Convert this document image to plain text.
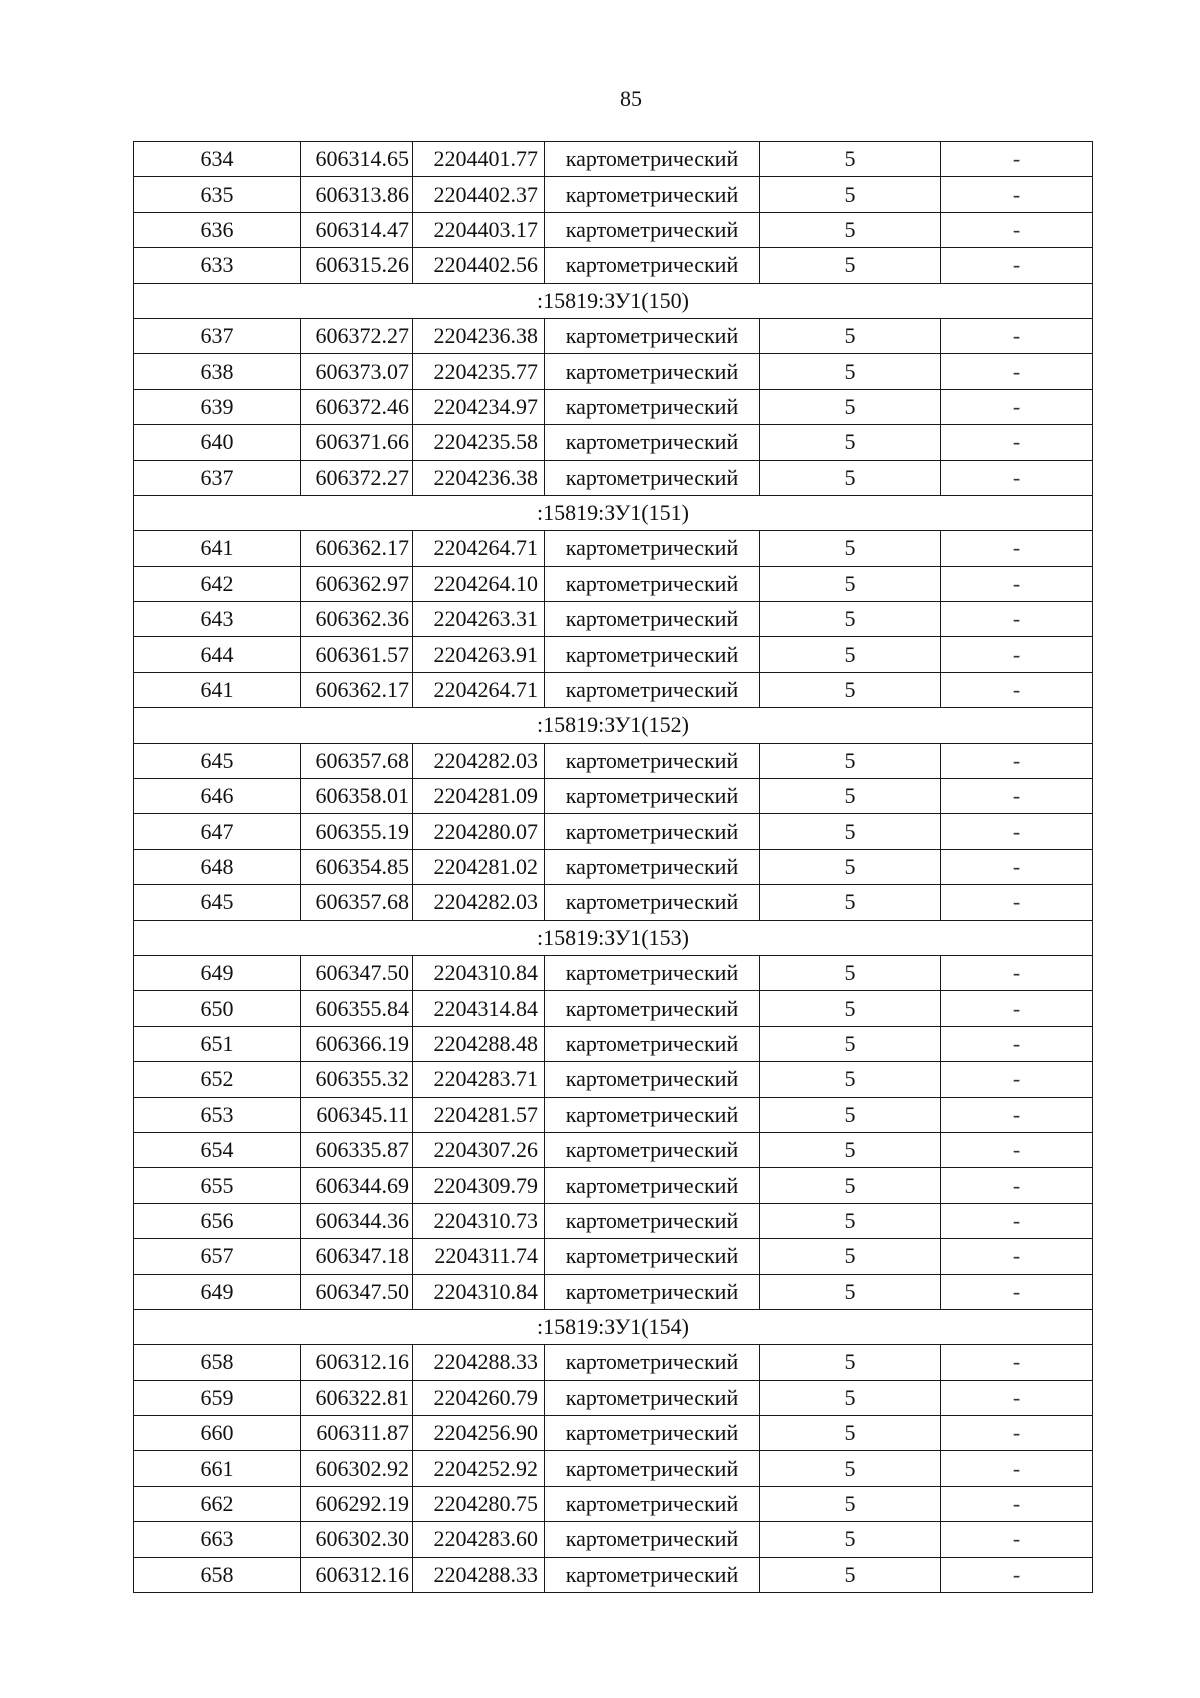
85
634	606314.65	2204401.77	картометрический	5	-
635	606313.86	2204402.37	картометрический	5	-
636	606314.47	2204403.17	картометрический	5	-
633	606315.26	2204402.56	картометрический	5	-
:15819:ЗУ1(150)					
637	606372.27	2204236.38	картометрический	5	-
638	606373.07	2204235.77	картометрический	5	-
639	606372.46	2204234.97	картометрический	5	-
640	606371.66	2204235.58	картометрический	5	-
637	606372.27	2204236.38	картометрический	5	-
:15819:ЗУ1(151)					
641	606362.17	2204264.71	картометрический	5	-
642	606362.97	2204264.10	картометрический	5	-
643	606362.36	2204263.31	картометрический	5	-
644	606361.57	2204263.91	картометрический	5	-
641	606362.17	2204264.71	картометрический	5	-
:15819:ЗУ1(152)					
645	606357.68	2204282.03	картометрический	5	-
646	606358.01	2204281.09	картометрический	5	-
647	606355.19	2204280.07	картометрический	5	-
648	606354.85	2204281.02	картометрический	5	-
645	606357.68	2204282.03	картометрический	5	-
:15819:ЗУ1(153)					
649	606347.50	2204310.84	картометрический	5	-
650	606355.84	2204314.84	картометрический	5	-
651	606366.19	2204288.48	картометрический	5	-
652	606355.32	2204283.71	картометрический	5	-
653	606345.11	2204281.57	картометрический	5	-
654	606335.87	2204307.26	картометрический	5	-
655	606344.69	2204309.79	картометрический	5	-
656	606344.36	2204310.73	картометрический	5	-
657	606347.18	2204311.74	картометрический	5	-
649	606347.50	2204310.84	картометрический	5	-
:15819:ЗУ1(154)					
658	606312.16	2204288.33	картометрический	5	-
659	606322.81	2204260.79	картометрический	5	-
660	606311.87	2204256.90	картометрический	5	-
661	606302.92	2204252.92	картометрический	5	-
662	606292.19	2204280.75	картометрический	5	-
663	606302.30	2204283.60	картометрический	5	-
658	606312.16	2204288.33	картометрический	5	-
